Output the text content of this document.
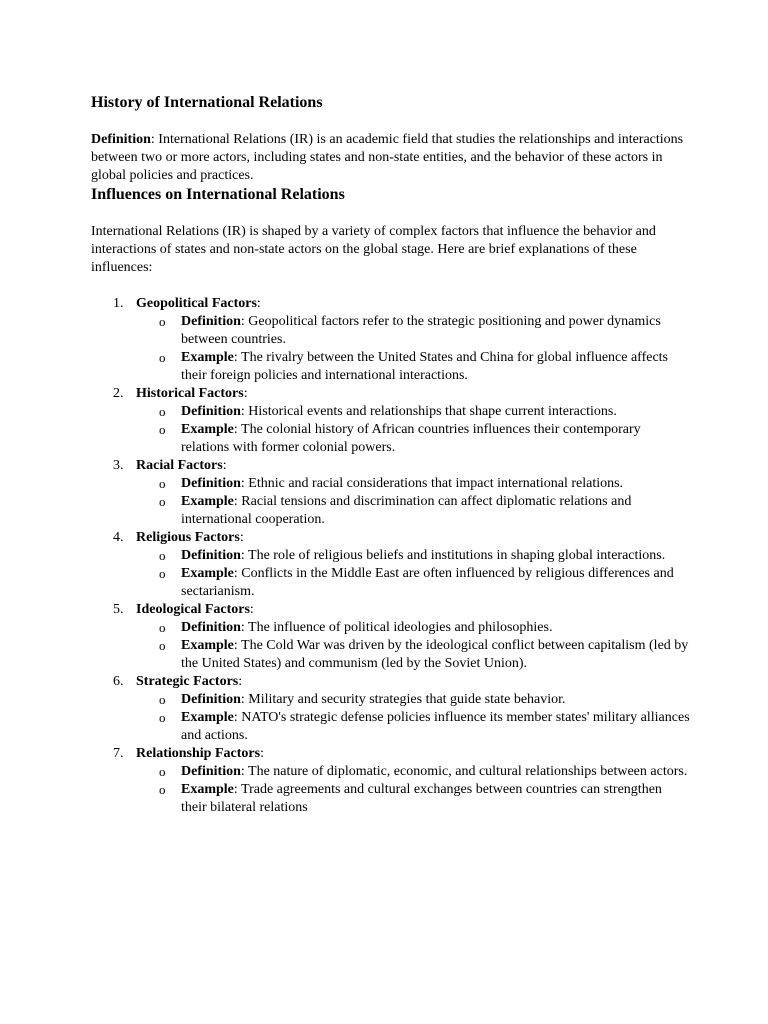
History of International Relations

Definition: International Relations (IR) is an academic field that studies the relationships and interactions between two or more actors, including states and non-state entities, and the behavior of these actors in global policies and practices.

Influences on International Relations

International Relations (IR) is shaped by a variety of complex factors that influence the behavior and interactions of states and non-state actors on the global stage. Here are brief explanations of these influences:

1. Geopolitical Factors:
o Definition: Geopolitical factors refer to the strategic positioning and power dynamics between countries.
o Example: The rivalry between the United States and China for global influence affects their foreign policies and international interactions.
2. Historical Factors:
o Definition: Historical events and relationships that shape current interactions.
o Example: The colonial history of African countries influences their contemporary relations with former colonial powers.
3. Racial Factors:
o Definition: Ethnic and racial considerations that impact international relations.
o Example: Racial tensions and discrimination can affect diplomatic relations and international cooperation.
4. Religious Factors:
o Definition: The role of religious beliefs and institutions in shaping global interactions.
o Example: Conflicts in the Middle East are often influenced by religious differences and sectarianism.
5. Ideological Factors:
o Definition: The influence of political ideologies and philosophies.
o Example: The Cold War was driven by the ideological conflict between capitalism (led by the United States) and communism (led by the Soviet Union).
6. Strategic Factors:
o Definition: Military and security strategies that guide state behavior.
o Example: NATO's strategic defense policies influence its member states' military alliances and actions.
7. Relationship Factors:
o Definition: The nature of diplomatic, economic, and cultural relationships between actors.
o Example: Trade agreements and cultural exchanges between countries can strengthen their bilateral relations
